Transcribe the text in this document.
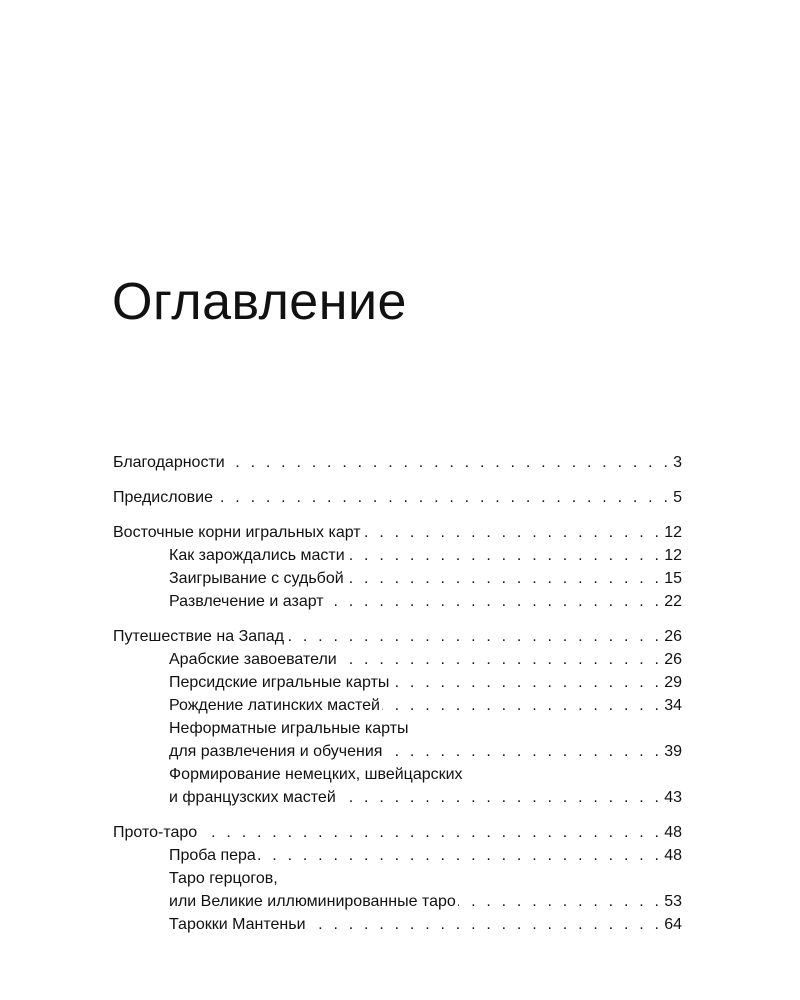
Оглавление
Благодарности . . .	3
Предисловие . . .	5
Восточные корни игральных карт . . .	12
Как зарождались масти . . .	12
Заигрывание с судьбой . . .	15
Развлечение и азарт . . .	22
Путешествие на Запад . . .	26
Арабские завоеватели . . .	26
Персидские игральные карты . . .	29
Рождение латинских мастей . . .	34
Неформатные игральные карты
для развлечения и обучения . . .	39
Формирование немецких, швейцарских
и французских мастей . . .	43
Прото-таро . . .	48
Проба пера . . .	48
Таро герцогов,
или Великие иллюминированные таро . . .	53
Тарокки Мантеньи . . .	64
